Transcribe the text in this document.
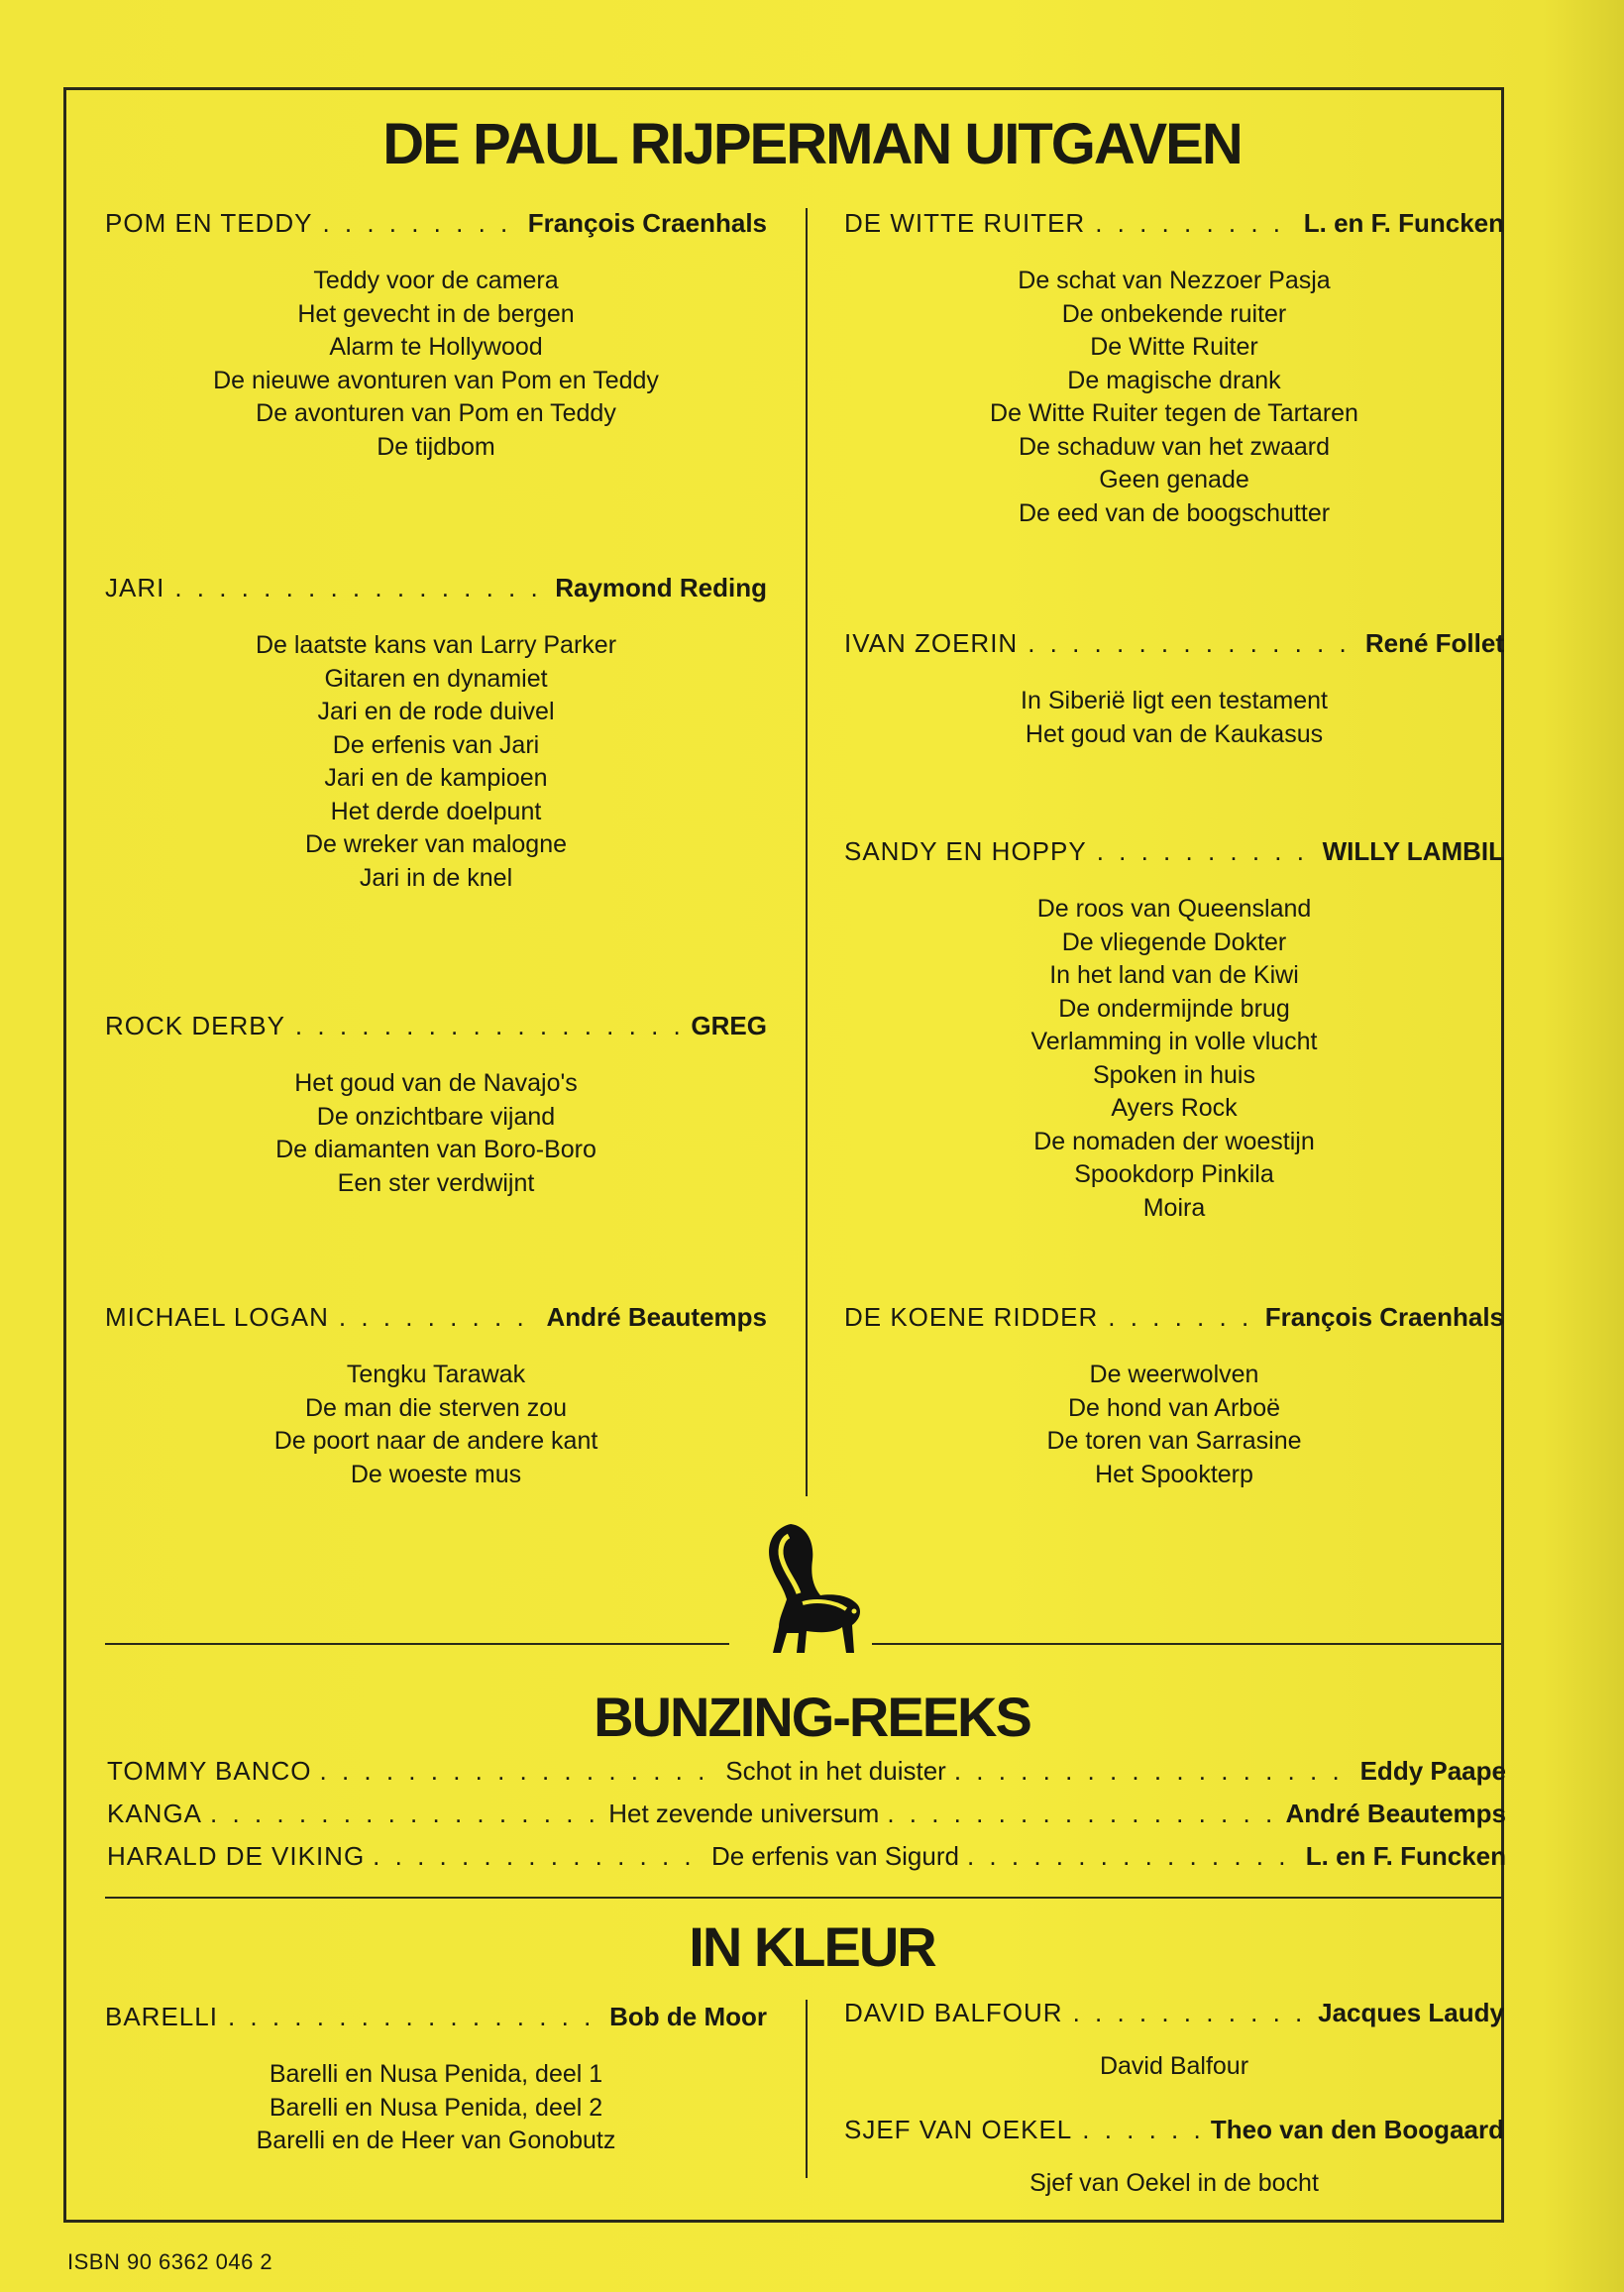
DE PAUL RIJPERMAN UITGAVEN
POM EN TEDDY . . .	François Craenhals
Teddy voor de camera
Het gevecht in de bergen
Alarm te Hollywood
De nieuwe avonturen van Pom en Teddy
De avonturen van Pom en Teddy
De tijdbom
JARI . . .	Raymond Reding
De laatste kans van Larry Parker
Gitaren en dynamiet
Jari en de rode duivel
De erfenis van Jari
Jari en de kampioen
Het derde doelpunt
De wreker van malogne
Jari in de knel
ROCK DERBY . . .	GREG
Het goud van de Navajo's
De onzichtbare vijand
De diamanten van Boro-Boro
Een ster verdwijnt
MICHAEL LOGAN . . .	André Beautemps
Tengku Tarawak
De man die sterven zou
De poort naar de andere kant
De woeste mus
DE WITTE RUITER . . .	L. en F. Funcken
De schat van Nezzoer Pasja
De onbekende ruiter
De Witte Ruiter
De magische drank
De Witte Ruiter tegen de Tartaren
De schaduw van het zwaard
Geen genade
De eed van de boogschutter
IVAN ZOERIN . . .	René Follet
In Siberië ligt een testament
Het goud van de Kaukasus
SANDY EN HOPPY . . .	WILLY LAMBIL
De roos van Queensland
De vliegende Dokter
In het land van de Kiwi
De ondermijnde brug
Verlamming in volle vlucht
Spoken in huis
Ayers Rock
De nomaden der woestijn
Spookdorp Pinkila
Moira
DE KOENE RIDDER . . .	François Craenhals
De weerwolven
De hond van Arboë
De toren van Sarrasine
Het Spookterp
BUNZING-REEKS
TOMMY BANCO . . .	Schot in het duister . . .	Eddy Paape
KANGA . . .	Het zevende universum . . .	André Beautemps
HARALD DE VIKING . . .	De erfenis van Sigurd . . .	L. en F. Funcken
IN KLEUR
BARELLI . . .	Bob de Moor
Barelli en Nusa Penida, deel 1
Barelli en Nusa Penida, deel 2
Barelli en de Heer van Gonobutz
DAVID BALFOUR . . .	Jacques Laudy
David Balfour
SJEF VAN OEKEL . . .	Theo van den Boogaard
Sjef van Oekel in de bocht
ISBN 90 6362 046 2
